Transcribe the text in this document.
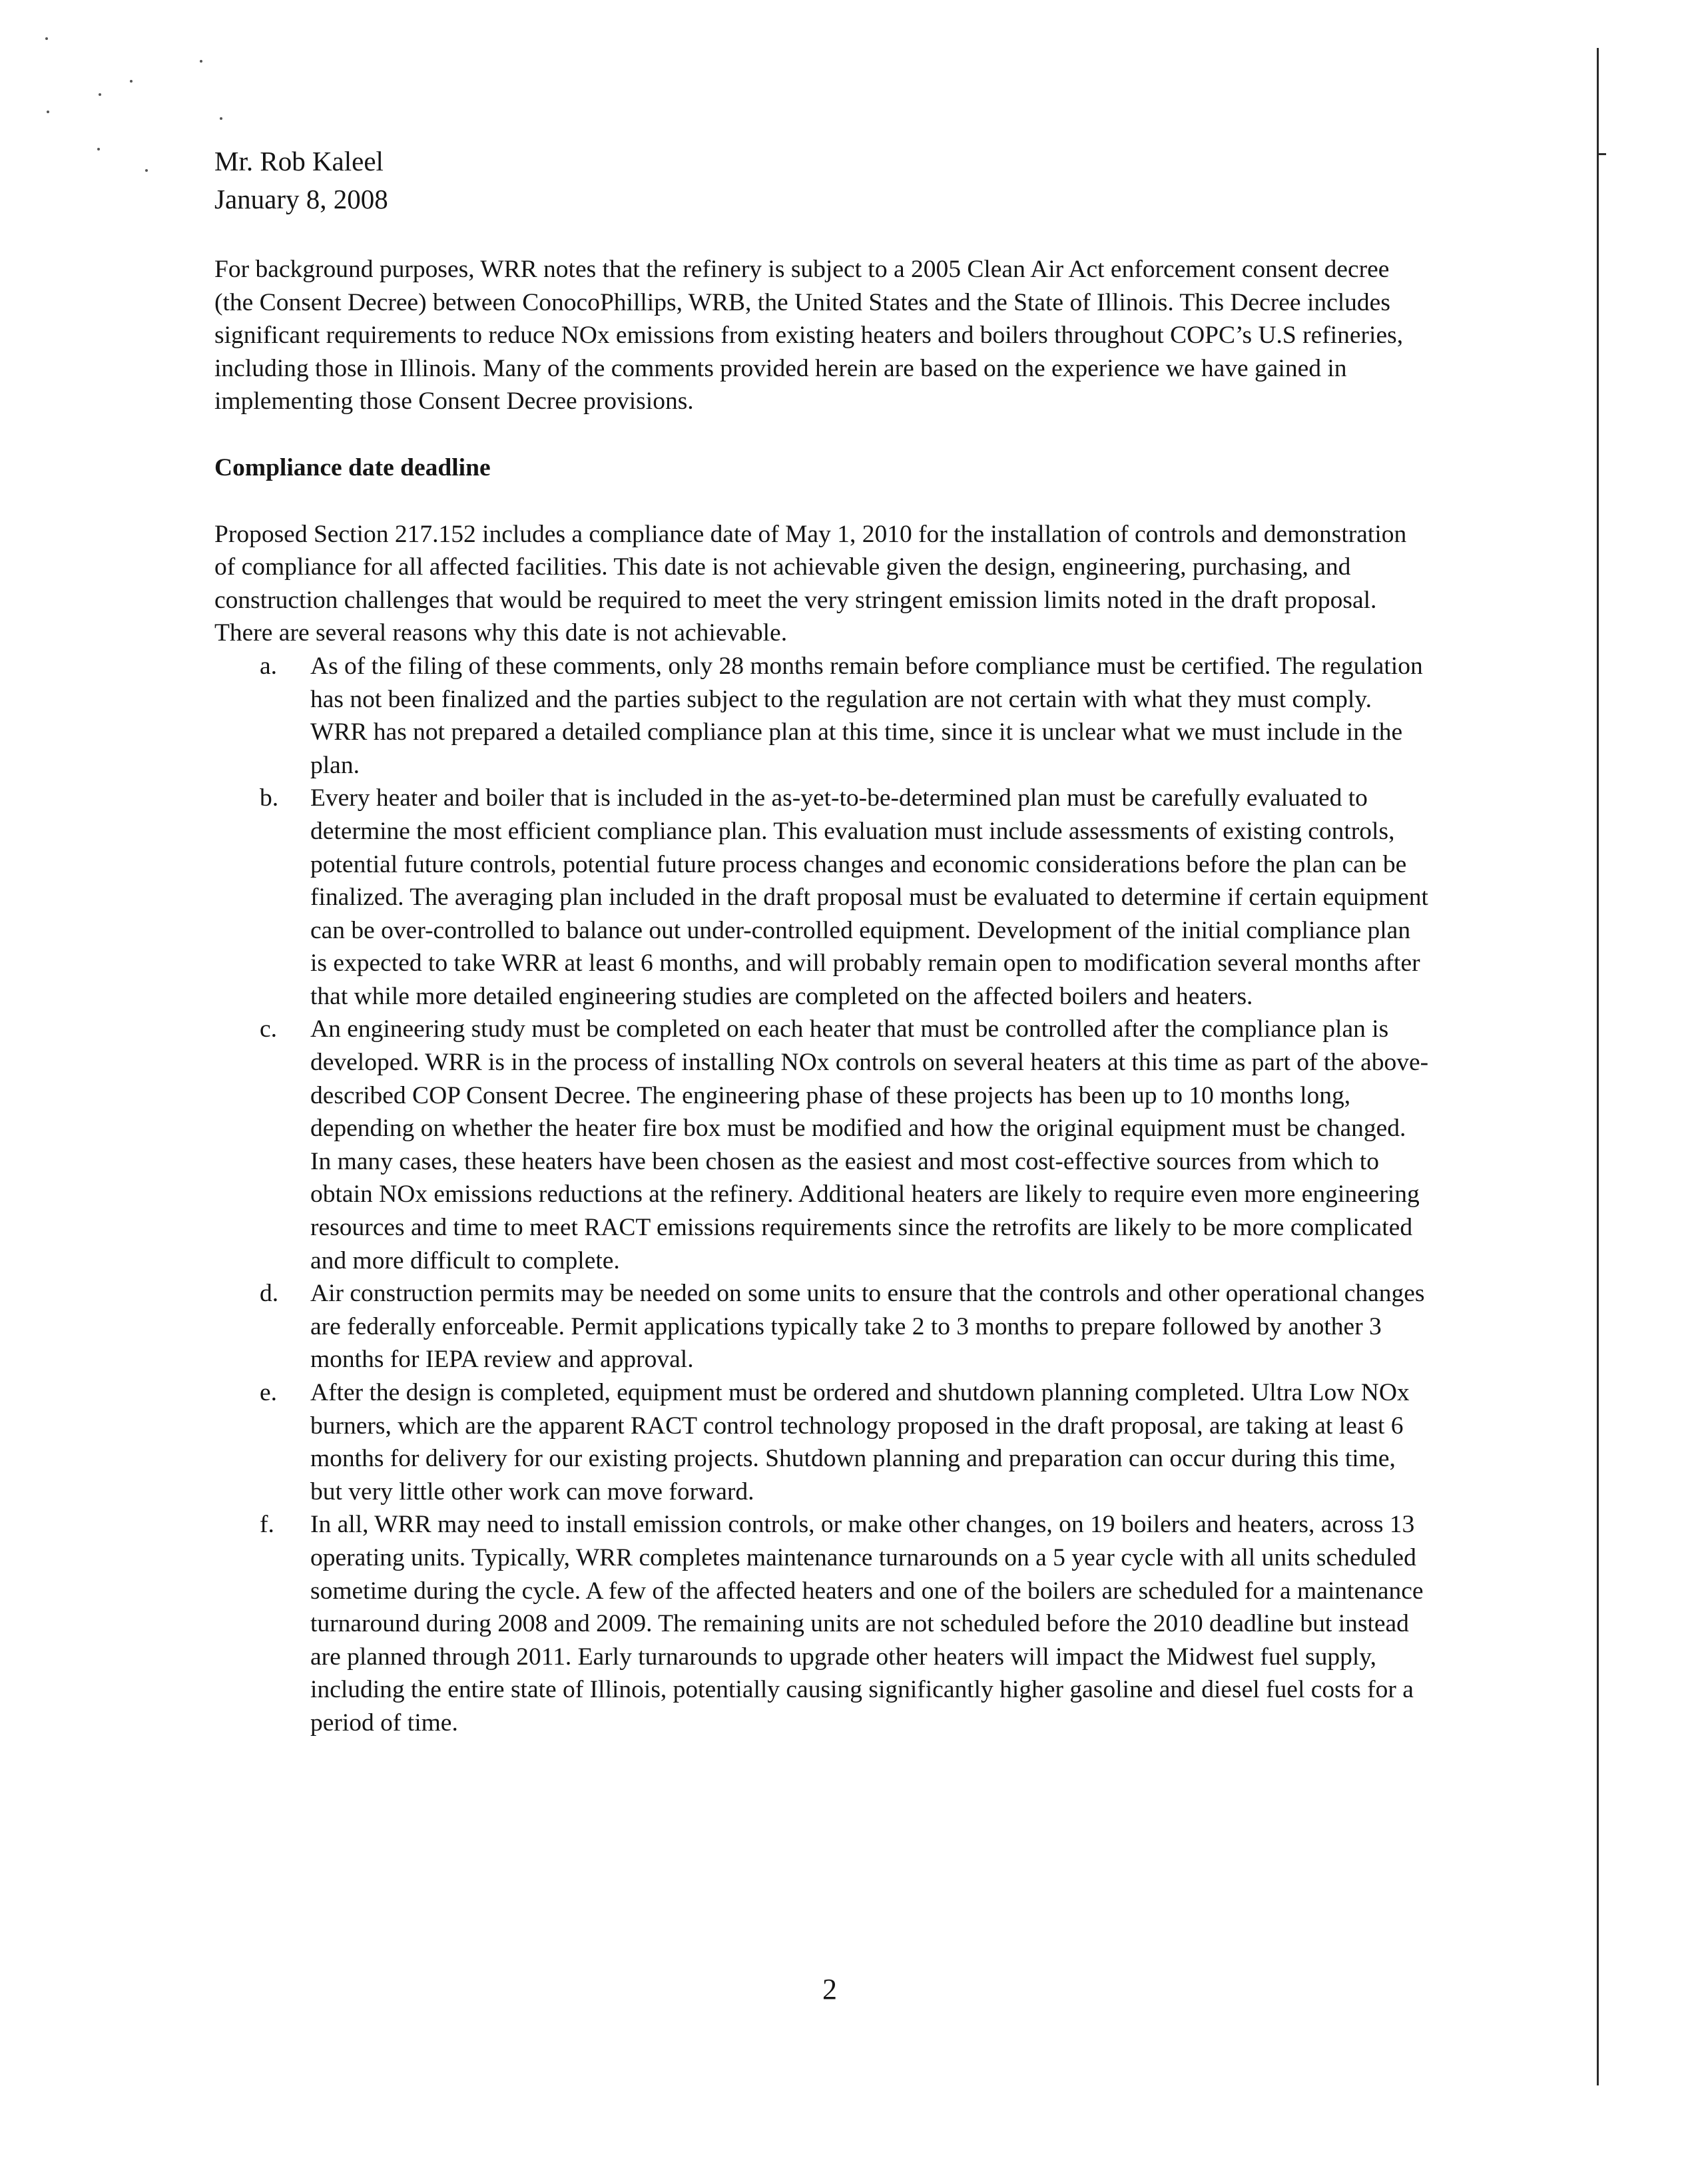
Mr. Rob Kaleel
January 8, 2008

For background purposes, WRR notes that the refinery is subject to a 2005 Clean Air Act enforcement consent decree (the Consent Decree) between ConocoPhillips, WRB, the United States and the State of Illinois. This Decree includes significant requirements to reduce NOx emissions from existing heaters and boilers throughout COPC’s U.S refineries, including those in Illinois. Many of the comments provided herein are based on the experience we have gained in implementing those Consent Decree provisions.

Compliance date deadline

Proposed Section 217.152 includes a compliance date of May 1, 2010 for the installation of controls and demonstration of compliance for all affected facilities. This date is not achievable given the design, engineering, purchasing, and construction challenges that would be required to meet the very stringent emission limits noted in the draft proposal. There are several reasons why this date is not achievable.

a. As of the filing of these comments, only 28 months remain before compliance must be certified. The regulation has not been finalized and the parties subject to the regulation are not certain with what they must comply. WRR has not prepared a detailed compliance plan at this time, since it is unclear what we must include in the plan.
b. Every heater and boiler that is included in the as-yet-to-be-determined plan must be carefully evaluated to determine the most efficient compliance plan. This evaluation must include assessments of existing controls, potential future controls, potential future process changes and economic considerations before the plan can be finalized. The averaging plan included in the draft proposal must be evaluated to determine if certain equipment can be over-controlled to balance out under-controlled equipment. Development of the initial compliance plan is expected to take WRR at least 6 months, and will probably remain open to modification several months after that while more detailed engineering studies are completed on the affected boilers and heaters.
c. An engineering study must be completed on each heater that must be controlled after the compliance plan is developed. WRR is in the process of installing NOx controls on several heaters at this time as part of the above-described COP Consent Decree. The engineering phase of these projects has been up to 10 months long, depending on whether the heater fire box must be modified and how the original equipment must be changed. In many cases, these heaters have been chosen as the easiest and most cost-effective sources from which to obtain NOx emissions reductions at the refinery. Additional heaters are likely to require even more engineering resources and time to meet RACT emissions requirements since the retrofits are likely to be more complicated and more difficult to complete.
d. Air construction permits may be needed on some units to ensure that the controls and other operational changes are federally enforceable. Permit applications typically take 2 to 3 months to prepare followed by another 3 months for IEPA review and approval.
e. After the design is completed, equipment must be ordered and shutdown planning completed. Ultra Low NOx burners, which are the apparent RACT control technology proposed in the draft proposal, are taking at least 6 months for delivery for our existing projects. Shutdown planning and preparation can occur during this time, but very little other work can move forward.
f. In all, WRR may need to install emission controls, or make other changes, on 19 boilers and heaters, across 13 operating units. Typically, WRR completes maintenance turnarounds on a 5 year cycle with all units scheduled sometime during the cycle. A few of the affected heaters and one of the boilers are scheduled for a maintenance turnaround during 2008 and 2009. The remaining units are not scheduled before the 2010 deadline but instead are planned through 2011. Early turnarounds to upgrade other heaters will impact the Midwest fuel supply, including the entire state of Illinois, potentially causing significantly higher gasoline and diesel fuel costs for a period of time.
2
